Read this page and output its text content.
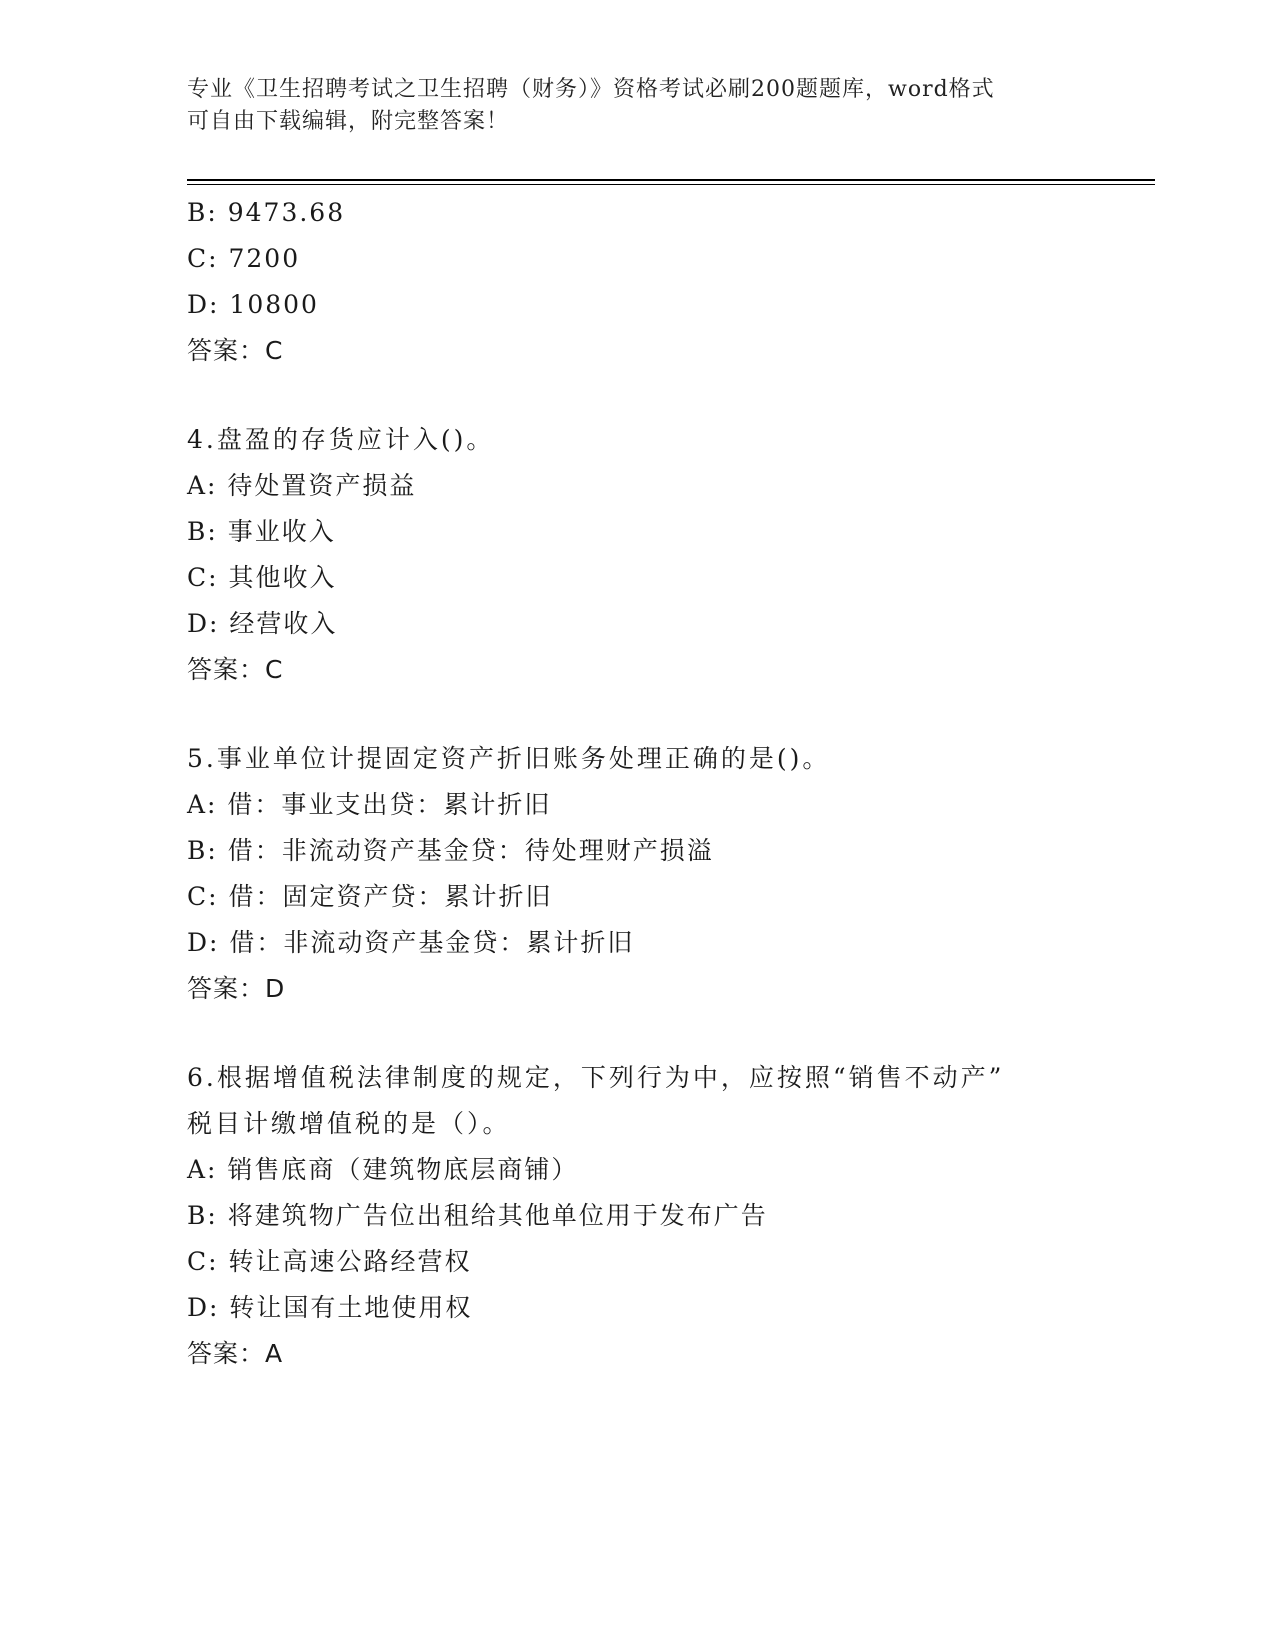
专业《卫生招聘考试之卫生招聘（财务）》资格考试必刷200题题库，word格式
可自由下载编辑，附完整答案！
B: 9473.68
C: 7200
D: 10800
答案：C
4.盘盈的存货应计入()。
A: 待处置资产损益
B: 事业收入
C: 其他收入
D: 经营收入
答案：C
5.事业单位计提固定资产折旧账务处理正确的是()。
A: 借：事业支出贷：累计折旧
B: 借：非流动资产基金贷：待处理财产损溢
C: 借：固定资产贷：累计折旧
D: 借：非流动资产基金贷：累计折旧
答案：D
6.根据增值税法律制度的规定，下列行为中，应按照“销售不动产”
税目计缴增值税的是（）。
A: 销售底商（建筑物底层商铺）
B: 将建筑物广告位出租给其他单位用于发布广告
C: 转让高速公路经营权
D: 转让国有土地使用权
答案：A
